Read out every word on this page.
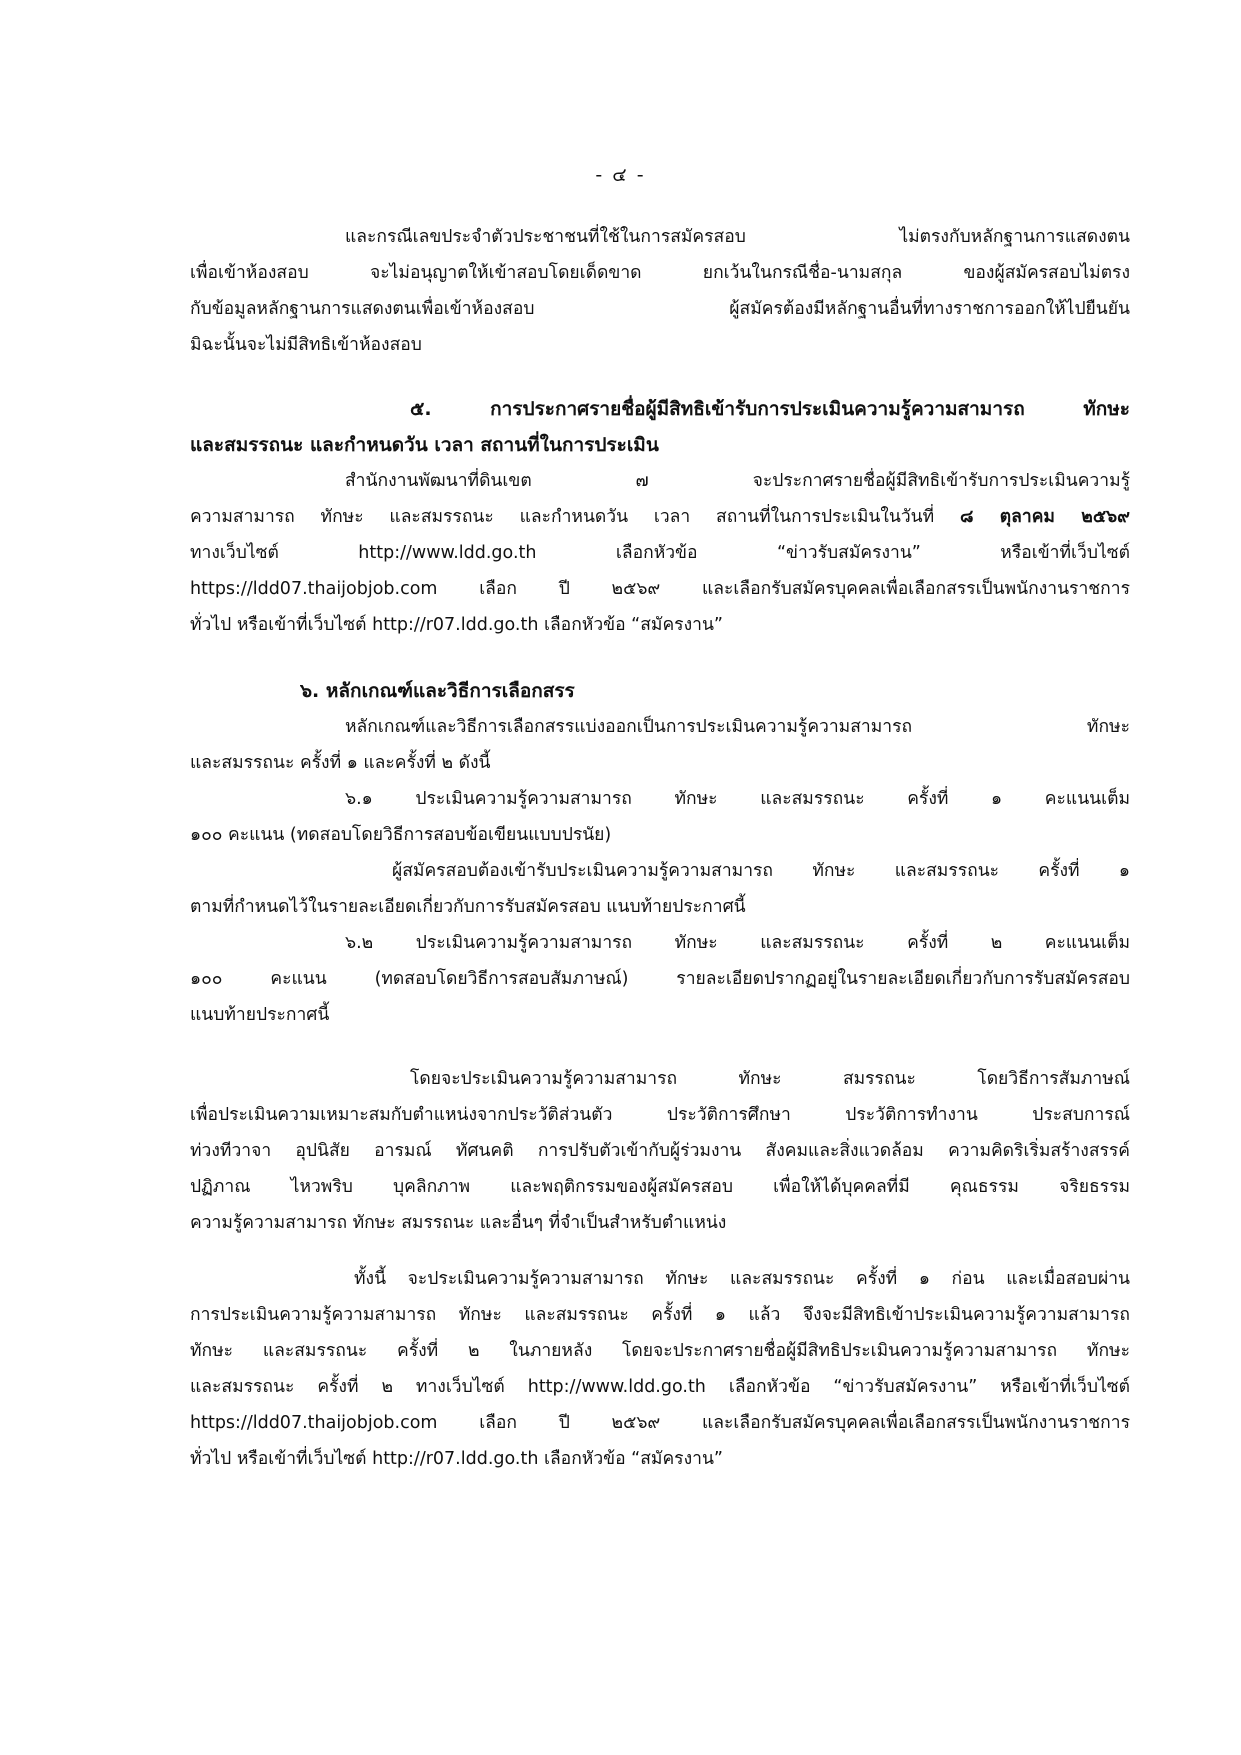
- ๔ -
และกรณีเลขประจำตัวประชาชนที่ใช้ในการสมัครสอบ ไม่ตรงกับหลักฐานการแสดงตน
เพื่อเข้าห้องสอบ จะไม่อนุญาตให้เข้าสอบโดยเด็ดขาด ยกเว้นในกรณีชื่อ-นามสกุล ของผู้สมัครสอบไม่ตรง
กับข้อมูลหลักฐานการแสดงตนเพื่อเข้าห้องสอบ ผู้สมัครต้องมีหลักฐานอื่นที่ทางราชการออกให้ไปยืนยัน
มิฉะนั้นจะไม่มีสิทธิเข้าห้องสอบ
๕. การประกาศรายชื่อผู้มีสิทธิเข้ารับการประเมินความรู้ความสามารถ ทักษะ
และสมรรถนะ และกำหนดวัน เวลา สถานที่ในการประเมิน
สำนักงานพัฒนาที่ดินเขต ๗ จะประกาศรายชื่อผู้มีสิทธิเข้ารับการประเมินความรู้
ความสามารถ ทักษะ และสมรรถนะ และกำหนดวัน เวลา สถานที่ในการประเมินในวันที่ ๘ ตุลาคม ๒๕๖๙
ทางเว็บไซต์ http://www.ldd.go.th เลือกหัวข้อ “ข่าวรับสมัครงาน” หรือเข้าที่เว็บไซต์
https://ldd07.thaijobjob.com เลือก ปี ๒๕๖๙ และเลือกรับสมัครบุคคลเพื่อเลือกสรรเป็นพนักงานราชการ
ทั่วไป หรือเข้าที่เว็บไซต์ http://r07.ldd.go.th เลือกหัวข้อ “สมัครงาน”
๖. หลักเกณฑ์และวิธีการเลือกสรร
หลักเกณฑ์และวิธีการเลือกสรรแบ่งออกเป็นการประเมินความรู้ความสามารถ ทักษะ
และสมรรถนะ ครั้งที่ ๑ และครั้งที่ ๒ ดังนี้
๖.๑ ประเมินความรู้ความสามารถ ทักษะ และสมรรถนะ ครั้งที่ ๑ คะแนนเต็ม
๑๐๐ คะแนน (ทดสอบโดยวิธีการสอบข้อเขียนแบบปรนัย)
ผู้สมัครสอบต้องเข้ารับประเมินความรู้ความสามารถ ทักษะ และสมรรถนะ ครั้งที่ ๑
ตามที่กำหนดไว้ในรายละเอียดเกี่ยวกับการรับสมัครสอบ แนบท้ายประกาศนี้
๖.๒ ประเมินความรู้ความสามารถ ทักษะ และสมรรถนะ ครั้งที่ ๒ คะแนนเต็ม
๑๐๐ คะแนน (ทดสอบโดยวิธีการสอบสัมภาษณ์) รายละเอียดปรากฏอยู่ในรายละเอียดเกี่ยวกับการรับสมัครสอบ
แนบท้ายประกาศนี้
โดยจะประเมินความรู้ความสามารถ ทักษะ สมรรถนะ โดยวิธีการสัมภาษณ์
เพื่อประเมินความเหมาะสมกับตำแหน่งจากประวัติส่วนตัว ประวัติการศึกษา ประวัติการทำงาน ประสบการณ์
ท่วงทีวาจา อุปนิสัย อารมณ์ ทัศนคติ การปรับตัวเข้ากับผู้ร่วมงาน สังคมและสิ่งแวดล้อม ความคิดริเริ่มสร้างสรรค์
ปฏิภาณ ไหวพริบ บุคลิกภาพ และพฤติกรรมของผู้สมัครสอบ เพื่อให้ได้บุคคลที่มี คุณธรรม จริยธรรม
ความรู้ความสามารถ ทักษะ สมรรถนะ และอื่นๆ ที่จำเป็นสำหรับตำแหน่ง
ทั้งนี้ จะประเมินความรู้ความสามารถ ทักษะ และสมรรถนะ ครั้งที่ ๑ ก่อน และเมื่อสอบผ่าน
การประเมินความรู้ความสามารถ ทักษะ และสมรรถนะ ครั้งที่ ๑ แล้ว จึงจะมีสิทธิเข้าประเมินความรู้ความสามารถ
ทักษะ และสมรรถนะ ครั้งที่ ๒ ในภายหลัง โดยจะประกาศรายชื่อผู้มีสิทธิประเมินความรู้ความสามารถ ทักษะ
และสมรรถนะ ครั้งที่ ๒ ทางเว็บไซต์ http://www.ldd.go.th เลือกหัวข้อ “ข่าวรับสมัครงาน” หรือเข้าที่เว็บไซต์
https://ldd07.thaijobjob.com เลือก ปี ๒๕๖๙ และเลือกรับสมัครบุคคลเพื่อเลือกสรรเป็นพนักงานราชการ
ทั่วไป หรือเข้าที่เว็บไซต์ http://r07.ldd.go.th เลือกหัวข้อ “สมัครงาน”
